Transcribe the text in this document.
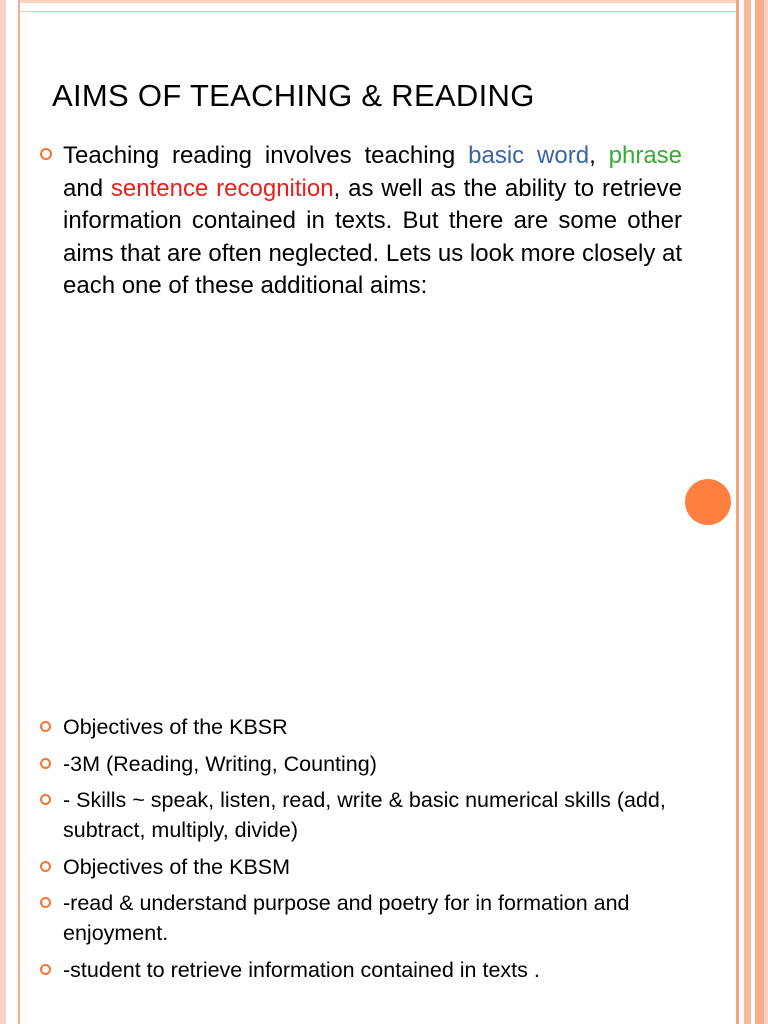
AIMS OF TEACHING & READING
Teaching reading involves teaching basic word, phrase and sentence recognition, as well as the ability to retrieve information contained in texts. But there are some other aims that are often neglected. Lets us look more closely at each one of these additional aims:
Objectives of the KBSR
-3M (Reading, Writing, Counting)
- Skills ~ speak, listen, read, write & basic numerical skills (add, subtract, multiply, divide)
Objectives of the KBSM
-read & understand purpose and poetry for in formation and enjoyment.
-student to retrieve information contained in texts .
